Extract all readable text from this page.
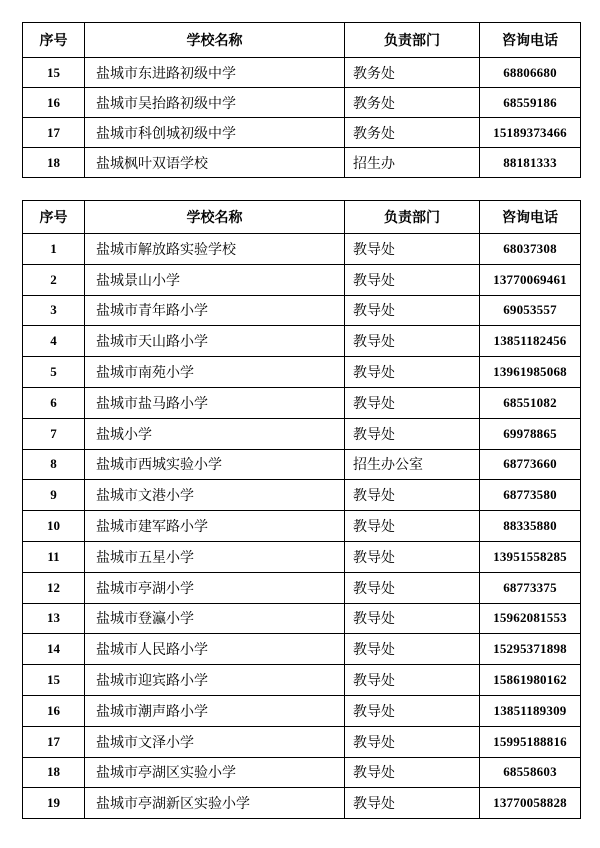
序号	学校名称	负责部门	咨询电话
15	盐城市东进路初级中学	教务处	68806680
16	盐城市吴抬路初级中学	教务处	68559186
17	盐城市科创城初级中学	教务处	15189373466
18	盐城枫叶双语学校	招生办	88181333
序号	学校名称	负责部门	咨询电话
1	盐城市解放路实验学校	教导处	68037308
2	盐城景山小学	教导处	13770069461
3	盐城市青年路小学	教导处	69053557
4	盐城市天山路小学	教导处	13851182456
5	盐城市南苑小学	教导处	13961985068
6	盐城市盐马路小学	教导处	68551082
7	盐城小学	教导处	69978865
8	盐城市西城实验小学	招生办公室	68773660
9	盐城市文港小学	教导处	68773580
10	盐城市建军路小学	教导处	88335880
11	盐城市五星小学	教导处	13951558285
12	盐城市亭湖小学	教导处	68773375
13	盐城市登瀛小学	教导处	15962081553
14	盐城市人民路小学	教导处	15295371898
15	盐城市迎宾路小学	教导处	15861980162
16	盐城市潮声路小学	教导处	13851189309
17	盐城市文泽小学	教导处	15995188816
18	盐城市亭湖区实验小学	教导处	68558603
19	盐城市亭湖新区实验小学	教导处	13770058828
